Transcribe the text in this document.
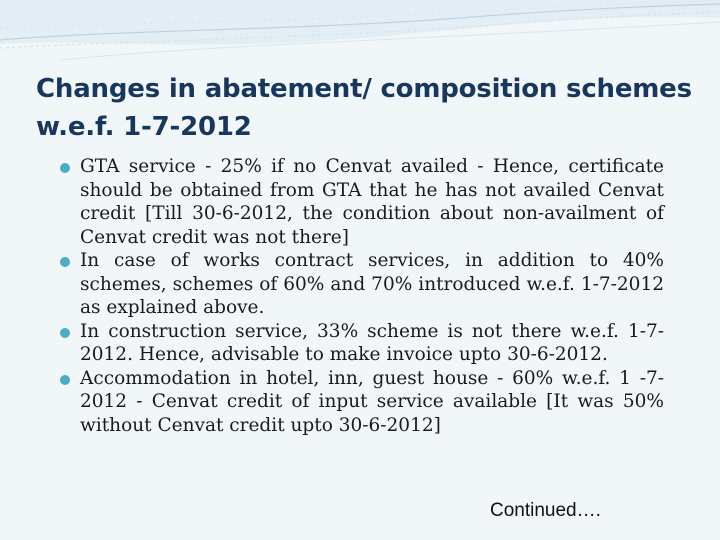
Changes in abatement/ composition schemes
w.e.f. 1-7-2012
GTA service - 25% if no Cenvat availed - Hence, certificate should be obtained from GTA that he has not availed Cenvat credit [Till 30-6-2012, the condition about non-availment of Cenvat credit was not there]
In case of works contract services, in addition to 40% schemes, schemes of 60% and 70% introduced w.e.f. 1-7-2012 as explained above.
In construction service, 33% scheme is not there w.e.f. 1-7-2012. Hence, advisable to make invoice upto 30-6-2012.
Accommodation in hotel, inn, guest house - 60% w.e.f. 1 -7-2012 - Cenvat credit of input service available [It was 50% without Cenvat credit upto 30-6-2012]
Continued….
